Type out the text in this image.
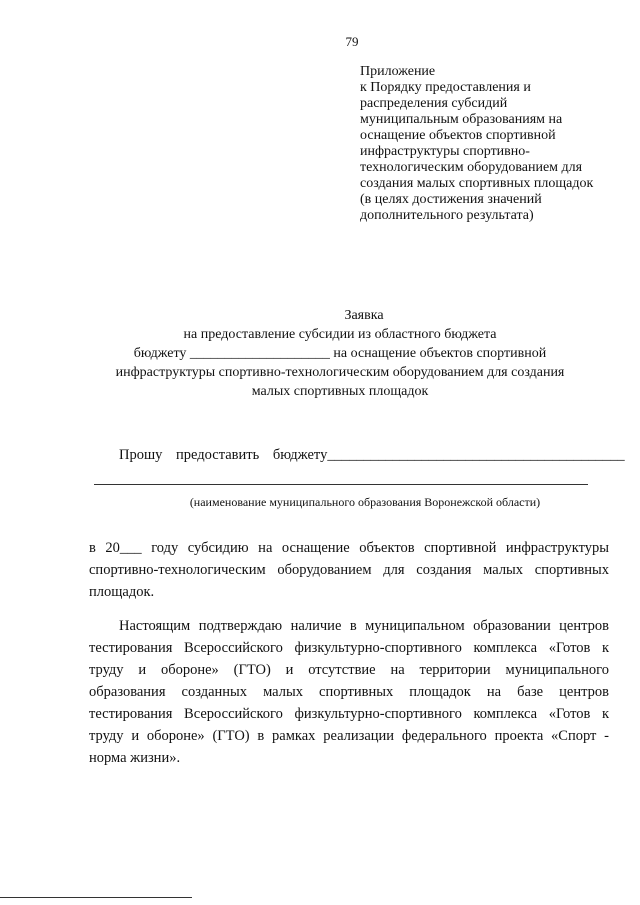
79
Приложение
к Порядку предоставления и
распределения субсидий
муниципальным образованиям на
оснащение объектов спортивной
инфраструктуры спортивно-
технологическим оборудованием для
создания малых спортивных площадок
(в целях достижения значений
дополнительного результата)
Заявка
на предоставление субсидии из областного бюджета
бюджету ____________________ на оснащение объектов спортивной
инфраструктуры спортивно-технологическим оборудованием для создания
малых спортивных площадок
Прошу предоставить бюджету_________________________________________
(наименование муниципального образования Воронежской области)
в 20___ году субсидию на оснащение объектов спортивной инфраструктуры
спортивно-технологическим оборудованием для создания малых спортивных
площадок.
Настоящим подтверждаю наличие в муниципальном образовании центров
тестирования Всероссийского физкультурно-спортивного комплекса «Готов к
труду и обороне» (ГТО) и отсутствие на территории муниципального
образования созданных малых спортивных площадок на базе центров
тестирования Всероссийского физкультурно-спортивного комплекса «Готов к
труду и обороне» (ГТО) в рамках реализации федерального проекта «Спорт -
норма жизни».
